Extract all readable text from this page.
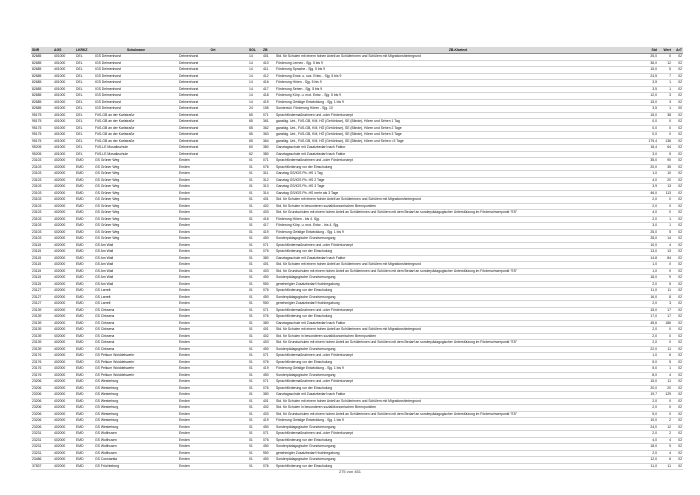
SNR	AGS	LKRKZ	Schulname	Ort	SGL	ZB	ZB-Klartext	Std	Wert	ArT
82685	401000	DEL	IGS Delmenhorst	Delmenhorst	14	401	Std. für Schulen mit einem hohen Anteil an Schülerinnen und Schülern mit Migrationshintergrund	25,0	0	02
82685	401000	DEL	IGS Delmenhorst	Delmenhorst	14	410	Förderung Lernen - Sjg. 5 bis 9	36,0	12	02
82685	401000	DEL	IGS Delmenhorst	Delmenhorst	14	411	Förderung Sprache - Sjg. 5 bis 9	15,0	5	02
82685	401000	DEL	IGS Delmenhorst	Delmenhorst	14	412	Förderung Emot. u. soz. Entw. - Sjg. 5 bis 9	24,5	7	02
82685	401000	DEL	IGS Delmenhorst	Delmenhorst	14	416	Förderung Hören - Sjg. 5 bis 9	3,5	1	02
82685	401000	DEL	IGS Delmenhorst	Delmenhorst	14	417	Förderung Sehen - Sjg. 5 bis 9	3,5	1	02
82685	401000	DEL	IGS Delmenhorst	Delmenhorst	14	418	Förderung Körp. u. mot. Entw. - Sjg. 5 bis 9	12,0	3	02
82685	401000	DEL	IGS Delmenhorst	Delmenhorst	14	419	Förderung Geistige Entwicklung - Sjg. 1 bis 9	15,0	3	02
82685	401000	DEL	IGS Delmenhorst	Delmenhorst	24	155	Sonderstd. Förderung Hören - Sjg. 10	3,5	1	00
95175	401000	DEL	FöS-GB an der Karlstraße	Delmenhorst	65	071	Sprachfördermaßnahmen und -oder Förderkonzept	15,0	38	02
95175	401000	DEL	FöS-GB an der Karlstraße	Delmenhorst	65	361	ganztäg. Unt., FöS-GB, KM, HÖ (Gehörlose), SE (Blinde), Hören und Sehen 1 Tag	0,0	0	02
95175	401000	DEL	FöS-GB an der Karlstraße	Delmenhorst	65	362	ganztäg. Unt., FöS-GB, KM, HÖ (Gehörlose), SE (Blinde), Hören und Sehen 2 Tage	0,0	0	02
95175	401000	DEL	FöS-GB an der Karlstraße	Delmenhorst	65	363	ganztäg. Unt., FöS-GB, KM, HÖ (Gehörlose), SE (Blinde), Hören und Sehen 3 Tage	0,0	0	02
95175	401000	DEL	FöS-GB an der Karlstraße	Delmenhorst	65	364	ganztäg. Unt., FöS-GB, KM, HÖ (Gehörlose), SE (Blinde), Hören und Sehen >3 Tage	179,4	136	02
95205	401000	DEL	FöS-LE Mosaikschule	Delmenhorst	60	380	Ganztagsschule mit Zusatzbedarf nach Faktor	18,4	64	02
95205	401000	DEL	FöS-LE Mosaikschule	Delmenhorst	62	380	Ganztagsschule mit Zusatzbedarf nach Faktor	3,0	5	02
23103	402000	EMD	GS Grüner Weg	Emden	01	071	Sprachfördermaßnahmen und -oder Förderkonzept	35,0	90	02
23103	402000	EMD	GS Grüner Weg	Emden	01	076	Sprachförderung vor der Einschulung	20,0	35	02
23103	402000	EMD	GS Grüner Weg	Emden	01	311	Ganztag GS/IGS Pb.-HS 1 Tag	1,0	10	02
23103	402000	EMD	GS Grüner Weg	Emden	01	312	Ganztag GS/IGS Pb.-HS 2 Tage	4,0	20	02
23103	402000	EMD	GS Grüner Weg	Emden	01	313	Ganztag GS/IGS Pb.-HS 3 Tage	3,9	13	02
23103	402000	EMD	GS Grüner Weg	Emden	01	314	Ganztag GS/IGS Pb.-HS mehr als 3 Tage	46,0	113	02
23103	402000	EMD	GS Grüner Weg	Emden	01	401	Std. für Schulen mit einem hohen Anteil an Schülerinnen und Schülern mit Migrationshintergrund	2,0	0	02
23103	402000	EMD	GS Grüner Weg	Emden	01	402	Std. für Schulen in besonderen sozialökonomischen Brennpunkten	2,0	0	02
23103	402000	EMD	GS Grüner Weg	Emden	01	403	Std. für Grundschulen mit einem hohen Anteil an Schülerinnen und Schülern mit dem Bedarf an sonderpädagogischer Unterstützung im Förderschwerpunkt "ES"	4,0	0	02
23103	402000	EMD	GS Grüner Weg	Emden	01	416	Förderung Hören - bis 4. Sjg.	2,0	1	02
23103	402000	EMD	GS Grüner Weg	Emden	01	417	Förderung Körp. u. mot. Entw. - bis 4. Sjg.	3,0	1	02
23103	402000	EMD	GS Grüner Weg	Emden	01	419	Förderung Geistige Entwicklung - Sjg. 1 bis 9	25,0	5	02
23103	402000	EMD	GS Grüner Weg	Emden	01	450	Sonderpädagogische Grundversorgung	28,0	14	02
23115	402000	EMD	GS Am Wall	Emden	01	071	Sprachfördermaßnahmen und -oder Förderkonzept	10,0	4	02
23115	402000	EMD	GS Am Wall	Emden	01	076	Sprachförderung vor der Einschulung	13,0	13	02
23115	402000	EMD	GS Am Wall	Emden	01	380	Ganztagsschule mit Zusatzbedarf nach Faktor	14,8	84	02
23115	402000	EMD	GS Am Wall	Emden	01	401	Std. für Schulen mit einem hohen Anteil an Schülerinnen und Schülern mit Migrationshintergrund	1,0	0	02
23115	402000	EMD	GS Am Wall	Emden	01	403	Std. für Grundschulen mit einem hohen Anteil an Schülerinnen und Schülern mit dem Bedarf an sonderpädagogischer Unterstützung im Förderschwerpunkt "ES"	1,0	0	02
23115	402000	EMD	GS Am Wall	Emden	01	450	Sonderpädagogische Grundversorgung	18,0	9	02
23115	402000	EMD	GS Am Wall	Emden	01	950	genehmigter Zusatzbedarf Hochbegabung	2,0	5	02
23127	402000	EMD	GS Larrelt	Emden	01	076	Sprachförderung vor der Einschulung	11,0	11	02
23127	402000	EMD	GS Larrelt	Emden	01	450	Sonderpädagogische Grundversorgung	16,0	8	02
23127	402000	EMD	GS Larrelt	Emden	01	950	genehmigter Zusatzbedarf Hochbegabung	2,0	3	02
23139	402000	EMD	GS Cirksena	Emden	01	071	Sprachfördermaßnahmen und -oder Förderkonzept	15,0	17	02
23139	402000	EMD	GS Cirksena	Emden	01	076	Sprachförderung vor der Einschulung	17,0	17	02
23139	402000	EMD	GS Cirksena	Emden	01	380	Ganztagsschule mit Zusatzbedarf nach Faktor	45,6	186	02
23139	402000	EMD	GS Cirksena	Emden	01	401	Std. für Schulen mit einem hohen Anteil an Schülerinnen und Schülern mit Migrationshintergrund	2,0	0	02
23139	402000	EMD	GS Cirksena	Emden	01	402	Std. für Schulen in besonderen sozialökonomischen Brennpunkten	2,0	0	02
23139	402000	EMD	GS Cirksena	Emden	01	403	Std. für Grundschulen mit einem hohen Anteil an Schülerinnen und Schülern mit dem Bedarf an sonderpädagogischer Unterstützung im Förderschwerpunkt "ES"	2,0	0	02
23139	402000	EMD	GS Cirksena	Emden	01	450	Sonderpädagogische Grundversorgung	22,0	11	02
23176	402000	EMD	GS Pelkum Wolddelswehr	Emden	01	071	Sprachfördermaßnahmen und -oder Förderkonzept	1,0	6	02
23176	402000	EMD	GS Pelkum Wolddelswehr	Emden	01	076	Sprachförderung vor der Einschulung	5,0	5	02
23176	402000	EMD	GS Pelkum Wolddelswehr	Emden	01	419	Förderung Geistige Entwicklung - Sjg. 1 bis 9	5,0	1	02
23176	402000	EMD	GS Pelkum Wolddelswehr	Emden	01	450	Sonderpädagogische Grundversorgung	8,0	4	02
23206	402000	EMD	GS Westerburg	Emden	01	071	Sprachfördermaßnahmen und -oder Förderkonzept	15,0	11	02
23206	402000	EMD	GS Westerburg	Emden	01	076	Sprachförderung vor der Einschulung	20,0	20	02
23206	402000	EMD	GS Westerburg	Emden	01	380	Ganztagsschule mit Zusatzbedarf nach Faktor	19,7	129	02
23206	402000	EMD	GS Westerburg	Emden	01	401	Std. für Schulen mit einem hohen Anteil an Schülerinnen und Schülern mit Migrationshintergrund	2,0	0	02
23206	402000	EMD	GS Westerburg	Emden	01	402	Std. für Schulen in besonderen sozialökonomischen Brennpunkten	2,0	0	02
23206	402000	EMD	GS Westerburg	Emden	01	403	Std. für Grundschulen mit einem hohen Anteil an Schülerinnen und Schülern mit dem Bedarf an sonderpädagogischer Unterstützung im Förderschwerpunkt "ES"	5,0	0	02
23206	402000	EMD	GS Westerburg	Emden	01	419	Förderung Geistige Entwicklung - Sjg. 1 bis 9	10,0	2	02
23206	402000	EMD	GS Westerburg	Emden	01	450	Sonderpädagogische Grundversorgung	24,0	12	02
23231	402000	EMD	GS Wolthusen	Emden	01	071	Sprachfördermaßnahmen und -oder Förderkonzept	2,0	2	02
23231	402000	EMD	GS Wolthusen	Emden	01	076	Sprachförderung vor der Einschulung	4,0	4	02
23231	402000	EMD	GS Wolthusen	Emden	01	450	Sonderpädagogische Grundversorgung	18,0	9	02
23231	402000	EMD	GS Wolthusen	Emden	01	950	genehmigter Zusatzbedarf Hochbegabung	2,0	4	02
23486	402000	EMD	GS Constantia	Emden	01	450	Sonderpädagogische Grundversorgung	12,0	6	02
37837	402000	EMD	GS Früchteburg	Emden	01	076	Sprachförderung vor der Einschulung	11,0	11	02
275 von 451
